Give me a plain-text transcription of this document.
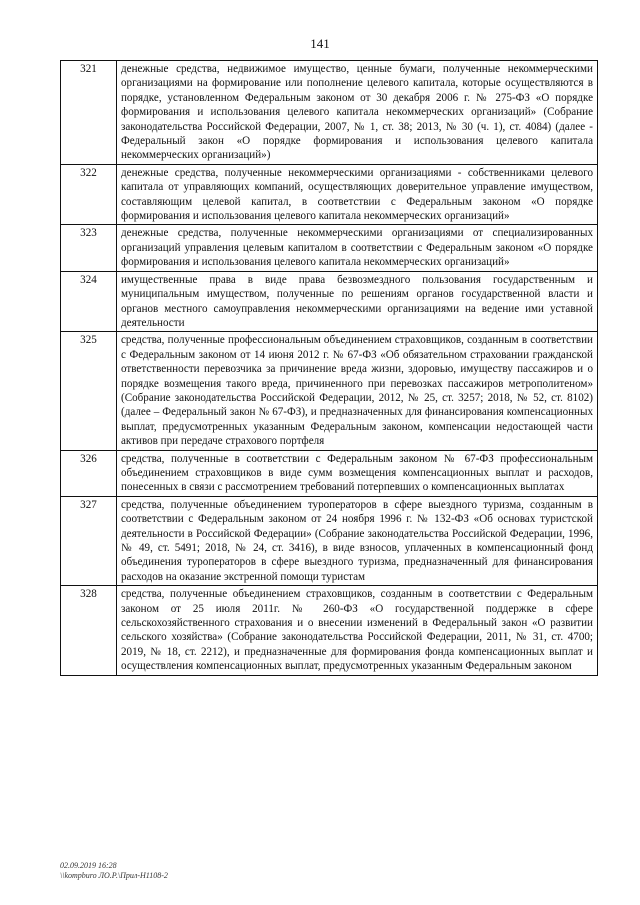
141
321	денежные средства, недвижимое имущество, ценные бумаги, полученные некоммерческими организациями на формирование или пополнение целевого капитала, которые осуществляются в порядке, установленном Федеральным законом от 30 декабря 2006 г. № 275-ФЗ «О порядке формирования и использования целевого капитала некоммерческих организаций» (Собрание законодательства Российской Федерации, 2007, № 1, ст. 38; 2013, № 30 (ч. 1), ст. 4084) (далее - Федеральный закон «О порядке формирования и использования целевого капитала некоммерческих организаций»)
322	денежные средства, полученные некоммерческими организациями - собственниками целевого капитала от управляющих компаний, осуществляющих доверительное управление имуществом, составляющим целевой капитал, в соответствии с Федеральным законом «О порядке формирования и использования целевого капитала некоммерческих организаций»
323	денежные средства, полученные некоммерческими организациями от специализированных организаций управления целевым капиталом в соответствии с Федеральным законом «О порядке формирования и использования целевого капитала некоммерческих организаций»
324	имущественные права в виде права безвозмездного пользования государственным и муниципальным имуществом, полученные по решениям органов государственной власти и органов местного самоуправления некоммерческими организациями на ведение ими уставной деятельности
325	средства, полученные профессиональным объединением страховщиков, созданным в соответствии с Федеральным законом от 14 июня 2012 г. № 67-ФЗ «Об обязательном страховании гражданской ответственности перевозчика за причинение вреда жизни, здоровью, имуществу пассажиров и о порядке возмещения такого вреда, причиненного при перевозках пассажиров метрополитеном» (Собрание законодательства Российской Федерации, 2012, № 25, ст. 3257; 2018, № 52, ст. 8102) (далее – Федеральный закон № 67-ФЗ), и предназначенных для финансирования компенсационных выплат, предусмотренных указанным Федеральным законом, компенсации недостающей части активов при передаче страхового портфеля
326	средства, полученные в соответствии с Федеральным законом № 67-ФЗ профессиональным объединением страховщиков в виде сумм возмещения компенсационных выплат и расходов, понесенных в связи с рассмотрением требований потерпевших о компенсационных выплатах
327	средства, полученные объединением туроператоров в сфере выездного туризма, созданным в соответствии с Федеральным законом от 24 ноября 1996 г. № 132-ФЗ «Об основах туристской деятельности в Российской Федерации» (Собрание законодательства Российской Федерации, 1996, № 49, ст. 5491; 2018, № 24, ст. 3416), в виде взносов, уплаченных в компенсационный фонд объединения туроператоров в сфере выездного туризма, предназначенный для финансирования расходов на оказание экстренной помощи туристам
328	средства, полученные объединением страховщиков, созданным в соответствии с Федеральным законом от 25 июля 2011г. № 260-ФЗ «О государственной поддержке в сфере сельскохозяйственного страхования и о внесении изменений в Федеральный закон «О развитии сельского хозяйства» (Собрание законодательства Российской Федерации, 2011, № 31, ст. 4700; 2019, № 18, ст. 2212), и предназначенные для формирования фонда компенсационных выплат и осуществления компенсационных выплат, предусмотренных указанным Федеральным законом
02.09.2019 16:28
\\kompburo ЛО.Р.\Прил-Н1108-2
